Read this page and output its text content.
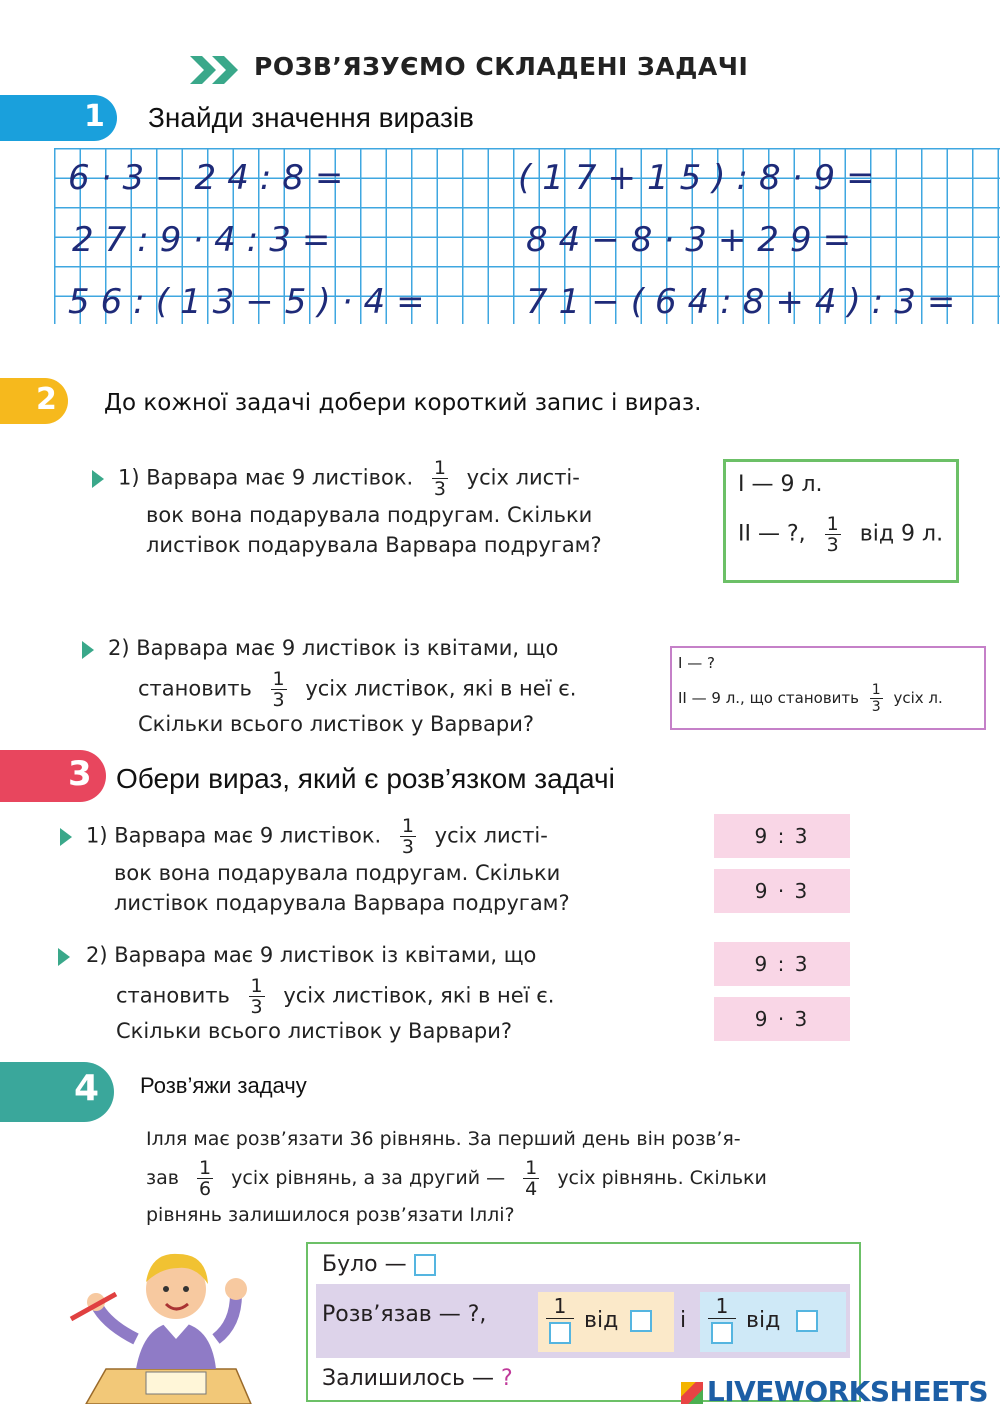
РОЗВ’ЯЗУЄМО СКЛАДЕНІ ЗАДАЧІ
1 Знайди значення виразів
6·3−24:8=	(17+15):8·9=
27:9·4:3=	84−8·3+29=
56:(13−5)·4=	71−(64:8+4):3=
2 До кожної задачі добери короткий запис і вираз.
1) Варвара має 9 листівок. $\frac{1}{3}$ усіх листі-
вок вона подарувала подругам. Скільки
листівок подарувала Варвара подругам?
I — 9 л.
II — ?, $\frac{1}{3}$ від 9 л.
2) Варвара має 9 листівок із квітами, що
становить $\frac{1}{3}$ усіх листівок, які в неї є.
Скільки всього листівок у Варвари?
I — ?
II — 9 л., що становить $\frac{1}{3}$ усіх л.
3 Обери вираз, який є розв’язком задачі
1) Варвара має 9 листівок. $\frac{1}{3}$ усіх листі-
вок вона подарувала подругам. Скільки
листівок подарувала Варвара подругам?
9 : 3
9 · 3
2) Варвара має 9 листівок із квітами, що
становить $\frac{1}{3}$ усіх листівок, які в неї є.
Скільки всього листівок у Варвари?
9 : 3
9 · 3
4 Розв’яжи задачу
Ілля має розв’язати 36 рівнянь. За перший день він розв’я-
зав $\frac{1}{6}$ усіх рівнянь, а за другий — $\frac{1}{4}$ усіх рівнянь. Скільки
рівнянь залишилося розв’язати Іллі?
Було —
Розв’язав — ?,	1
від	і
1
від
Залишилось — ?	LIVEWORKSHEETS
